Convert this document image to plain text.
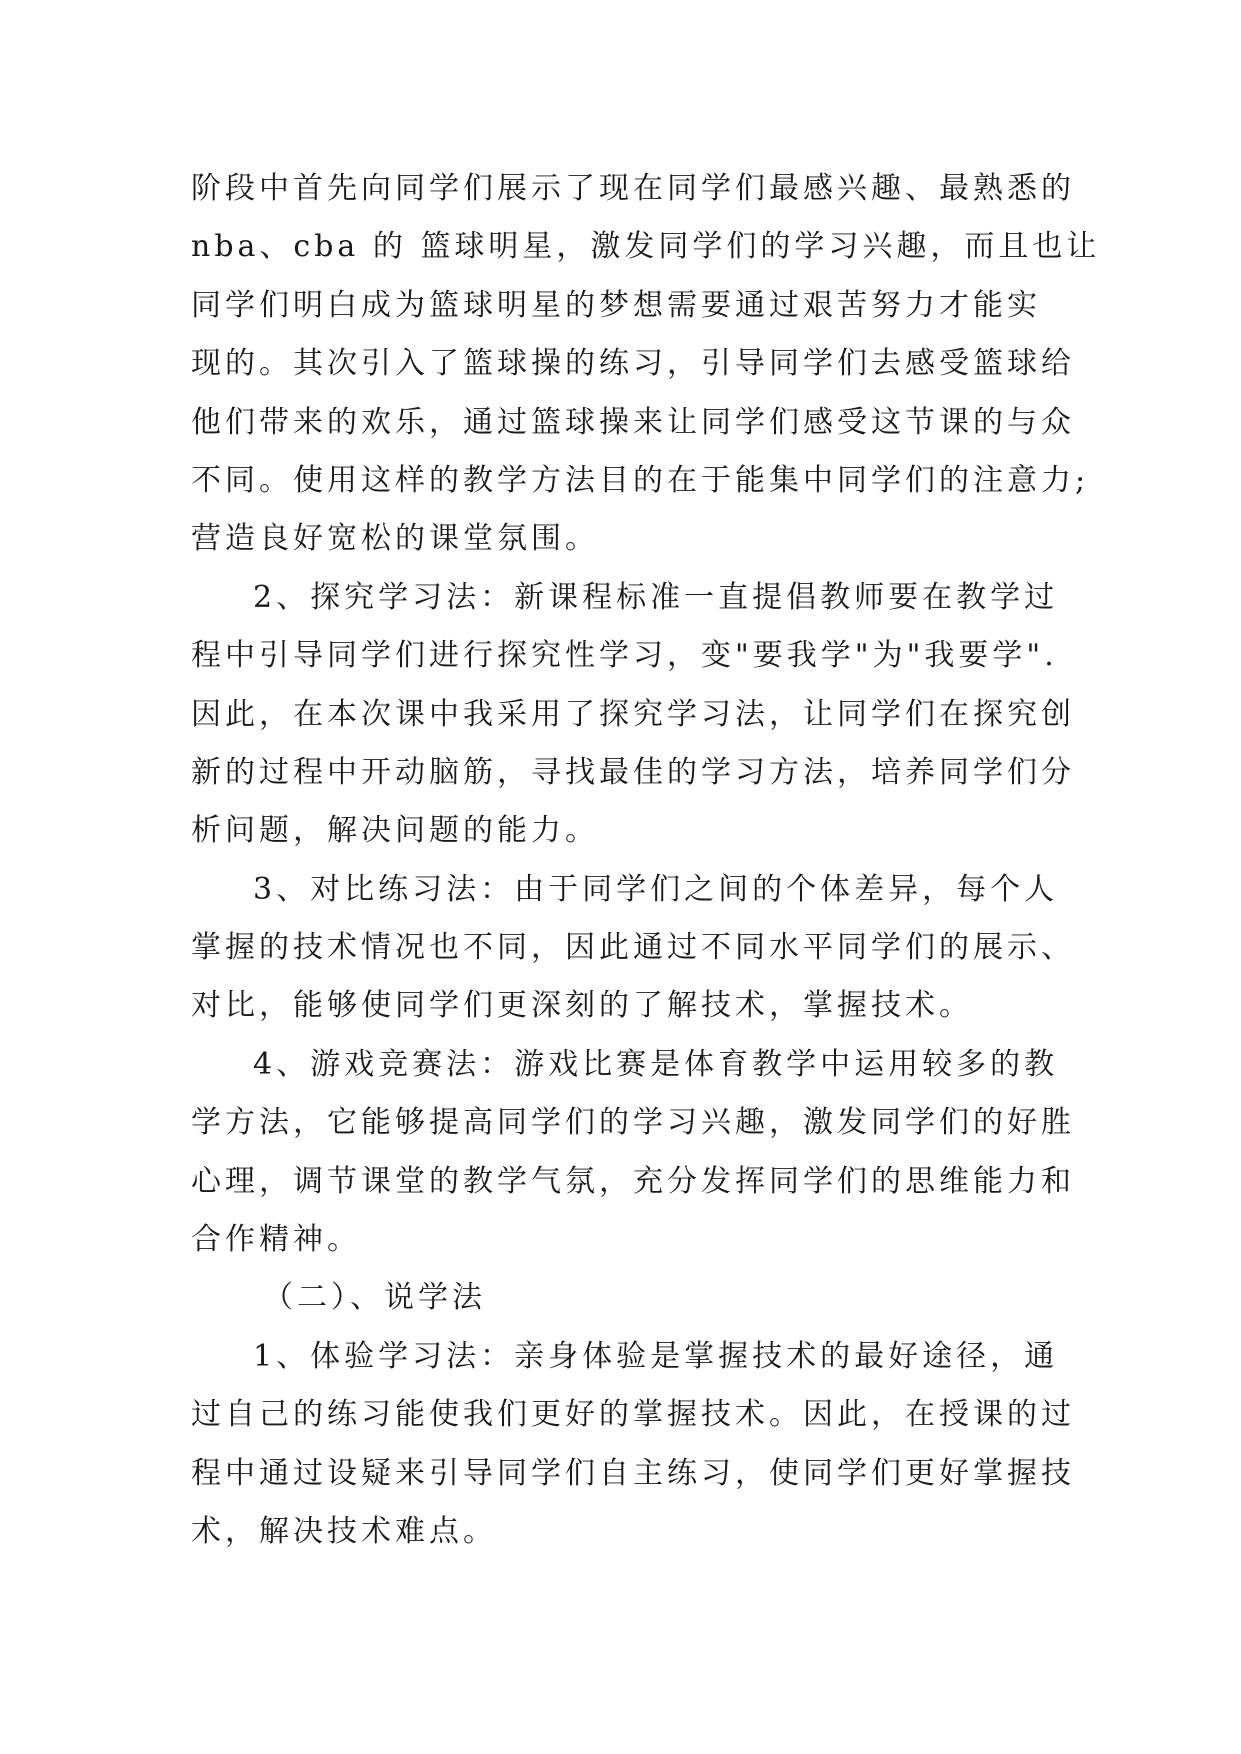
阶段中首先向同学们展示了现在同学们最感兴趣、最熟悉的
nba、cba 的 篮球明星，激发同学们的学习兴趣，而且也让
同学们明白成为篮球明星的梦想需要通过艰苦努力才能实
现的。其次引入了篮球操的练习，引导同学们去感受篮球给
他们带来的欢乐，通过篮球操来让同学们感受这节课的与众
不同。使用这样的教学方法目的在于能集中同学们的注意力;
营造良好宽松的课堂氛围。
2、探究学习法：新课程标准一直提倡教师要在教学过
程中引导同学们进行探究性学习，变"要我学"为"我要学".
因此，在本次课中我采用了探究学习法，让同学们在探究创
新的过程中开动脑筋，寻找最佳的学习方法，培养同学们分
析问题，解决问题的能力。
3、对比练习法：由于同学们之间的个体差异，每个人
掌握的技术情况也不同，因此通过不同水平同学们的展示、
对比，能够使同学们更深刻的了解技术，掌握技术。
4、游戏竞赛法：游戏比赛是体育教学中运用较多的教
学方法，它能够提高同学们的学习兴趣，激发同学们的好胜
心理，调节课堂的教学气氛，充分发挥同学们的思维能力和
合作精神。
（二）、说学法
1、体验学习法：亲身体验是掌握技术的最好途径，通
过自己的练习能使我们更好的掌握技术。因此，在授课的过
程中通过设疑来引导同学们自主练习，使同学们更好掌握技
术，解决技术难点。
